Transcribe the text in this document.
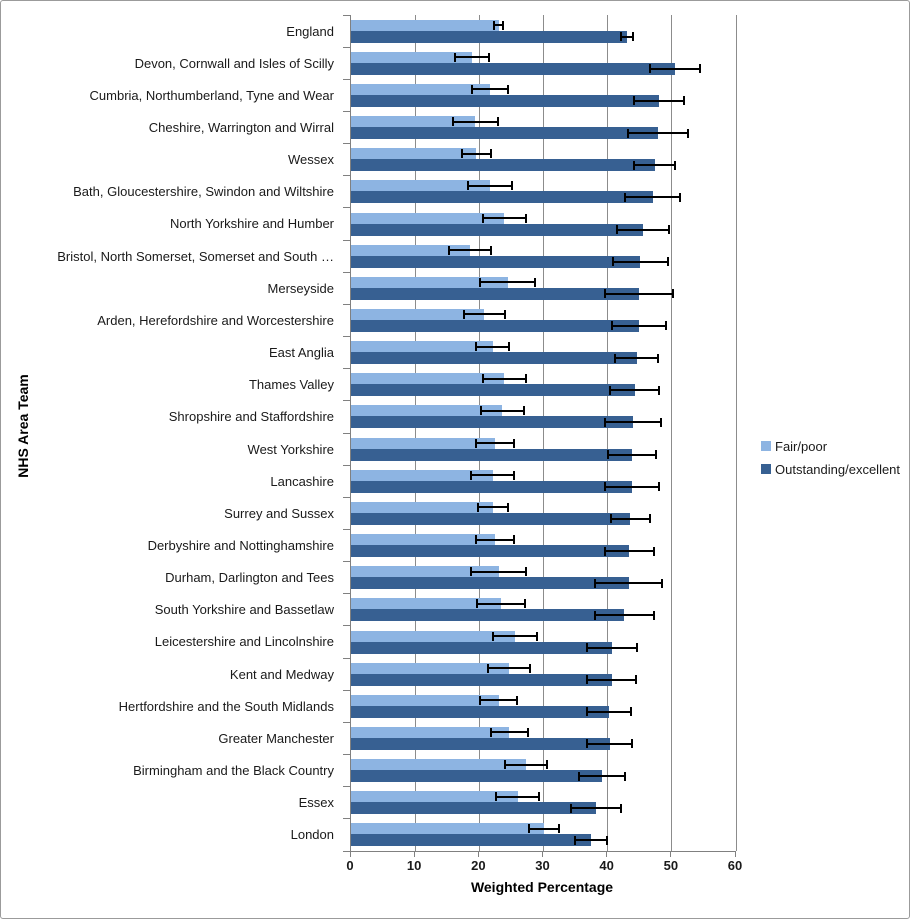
NHS Area Team
England
Devon, Cornwall and Isles of Scilly
Cumbria, Northumberland, Tyne and Wear
Cheshire, Warrington and Wirral
Wessex
Bath, Gloucestershire, Swindon and Wiltshire
North Yorkshire and Humber
Bristol, North Somerset, Somerset and South …
Merseyside
Arden, Herefordshire and Worcestershire
East Anglia
Thames Valley
Shropshire and Staffordshire
West Yorkshire
Lancashire
Surrey and Sussex
Derbyshire and Nottinghamshire
Durham, Darlington and Tees
South Yorkshire and Bassetlaw
Leicestershire and Lincolnshire
Kent and Medway
Hertfordshire and the South Midlands
Greater Manchester
Birmingham and the Black Country
Essex
London
Weighted Percentage
Fair/poor
Outstanding/excellent
0	10	20	30	40	50	60
